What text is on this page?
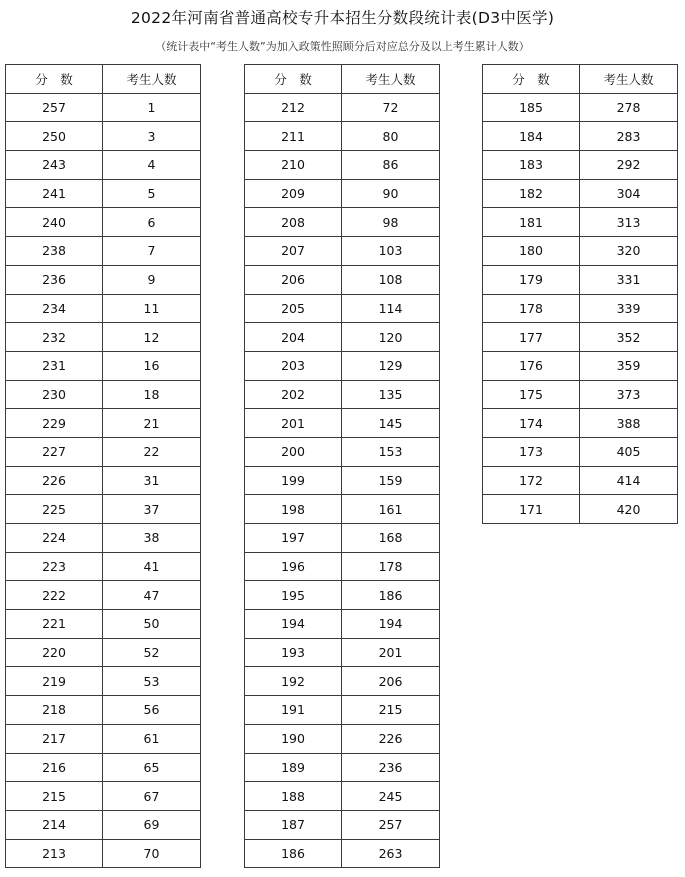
2022年河南省普通高校专升本招生分数段统计表(D3中医学)
（统计表中“考生人数”为加入政策性照顾分后对应总分及以上考生累计人数）
分　数	考生人数
257	1
250	3
243	4
241	5
240	6
238	7
236	9
234	11
232	12
231	16
230	18
229	21
227	22
226	31
225	37
224	38
223	41
222	47
221	50
220	52
219	53
218	56
217	61
216	65
215	67
214	69
213	70
分　数	考生人数
212	72
211	80
210	86
209	90
208	98
207	103
206	108
205	114
204	120
203	129
202	135
201	145
200	153
199	159
198	161
197	168
196	178
195	186
194	194
193	201
192	206
191	215
190	226
189	236
188	245
187	257
186	263
分　数	考生人数
185	278
184	283
183	292
182	304
181	313
180	320
179	331
178	339
177	352
176	359
175	373
174	388
173	405
172	414
171	420
